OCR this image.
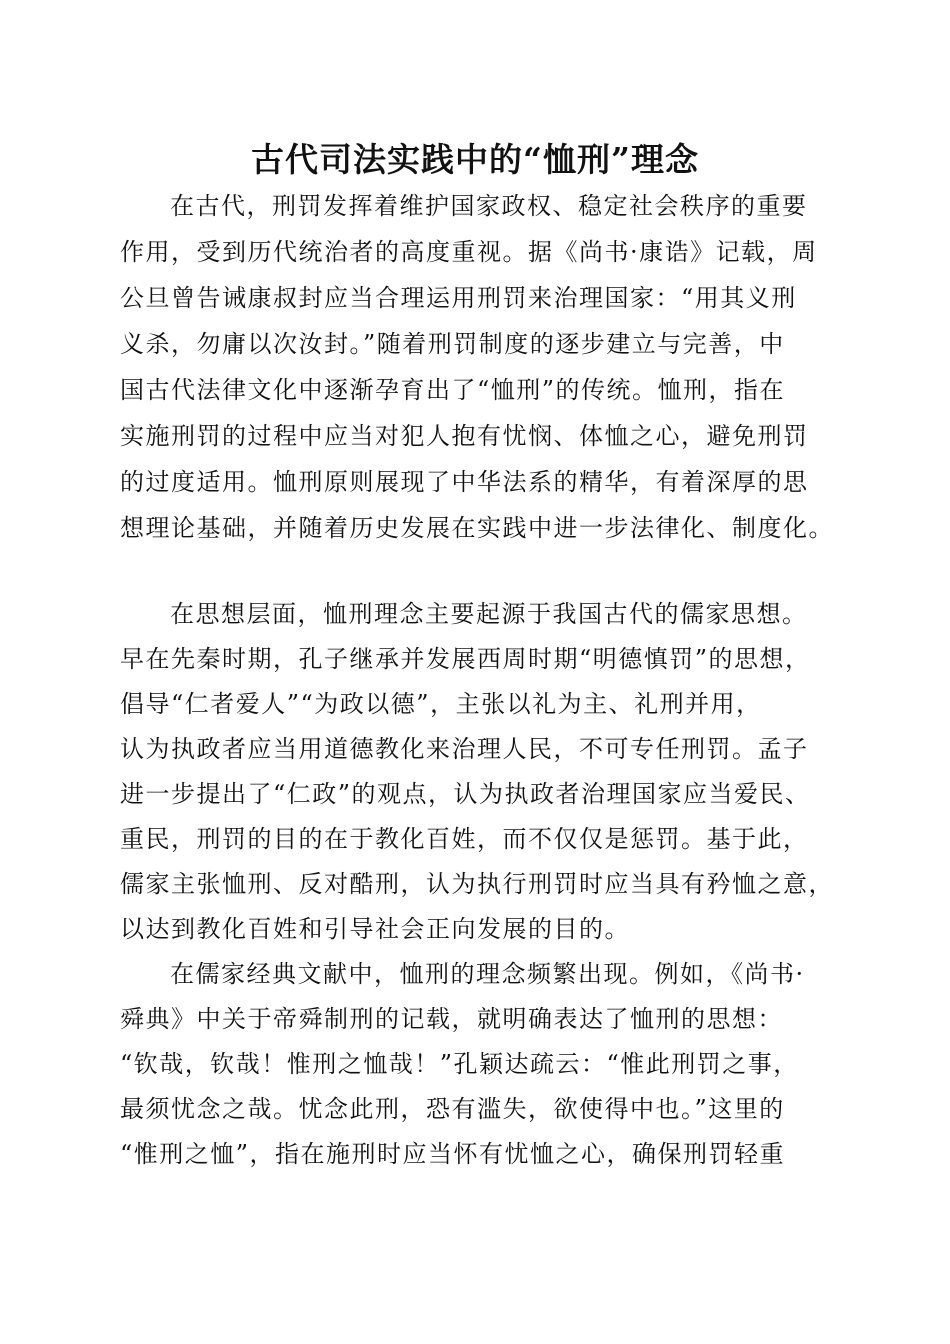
古代司法实践中的“恤刑”理念
在古代，刑罚发挥着维护国家政权、稳定社会秩序的重要
作用，受到历代统治者的高度重视。据《尚书·康诰》记载，周
公旦曾告诫康叔封应当合理运用刑罚来治理国家：“用其义刑
义杀，勿庸以次汝封。”随着刑罚制度的逐步建立与完善，中
国古代法律文化中逐渐孕育出了“恤刑”的传统。恤刑，指在
实施刑罚的过程中应当对犯人抱有忧悯、体恤之心，避免刑罚
的过度适用。恤刑原则展现了中华法系的精华，有着深厚的思
想理论基础，并随着历史发展在实践中进一步法律化、制度化。
在思想层面，恤刑理念主要起源于我国古代的儒家思想。
早在先秦时期，孔子继承并发展西周时期“明德慎罚”的思想，
倡导“仁者爱人”“为政以德”，主张以礼为主、礼刑并用，
认为执政者应当用道德教化来治理人民，不可专任刑罚。孟子
进一步提出了“仁政”的观点，认为执政者治理国家应当爱民、
重民，刑罚的目的在于教化百姓，而不仅仅是惩罚。基于此，
儒家主张恤刑、反对酷刑，认为执行刑罚时应当具有矜恤之意，
以达到教化百姓和引导社会正向发展的目的。
在儒家经典文献中，恤刑的理念频繁出现。例如，《尚书·
舜典》中关于帝舜制刑的记载，就明确表达了恤刑的思想：
“钦哉，钦哉！惟刑之恤哉！”孔颖达疏云：“惟此刑罚之事，
最须忧念之哉。忧念此刑，恐有滥失，欲使得中也。”这里的
“惟刑之恤”，指在施刑时应当怀有忧恤之心，确保刑罚轻重
